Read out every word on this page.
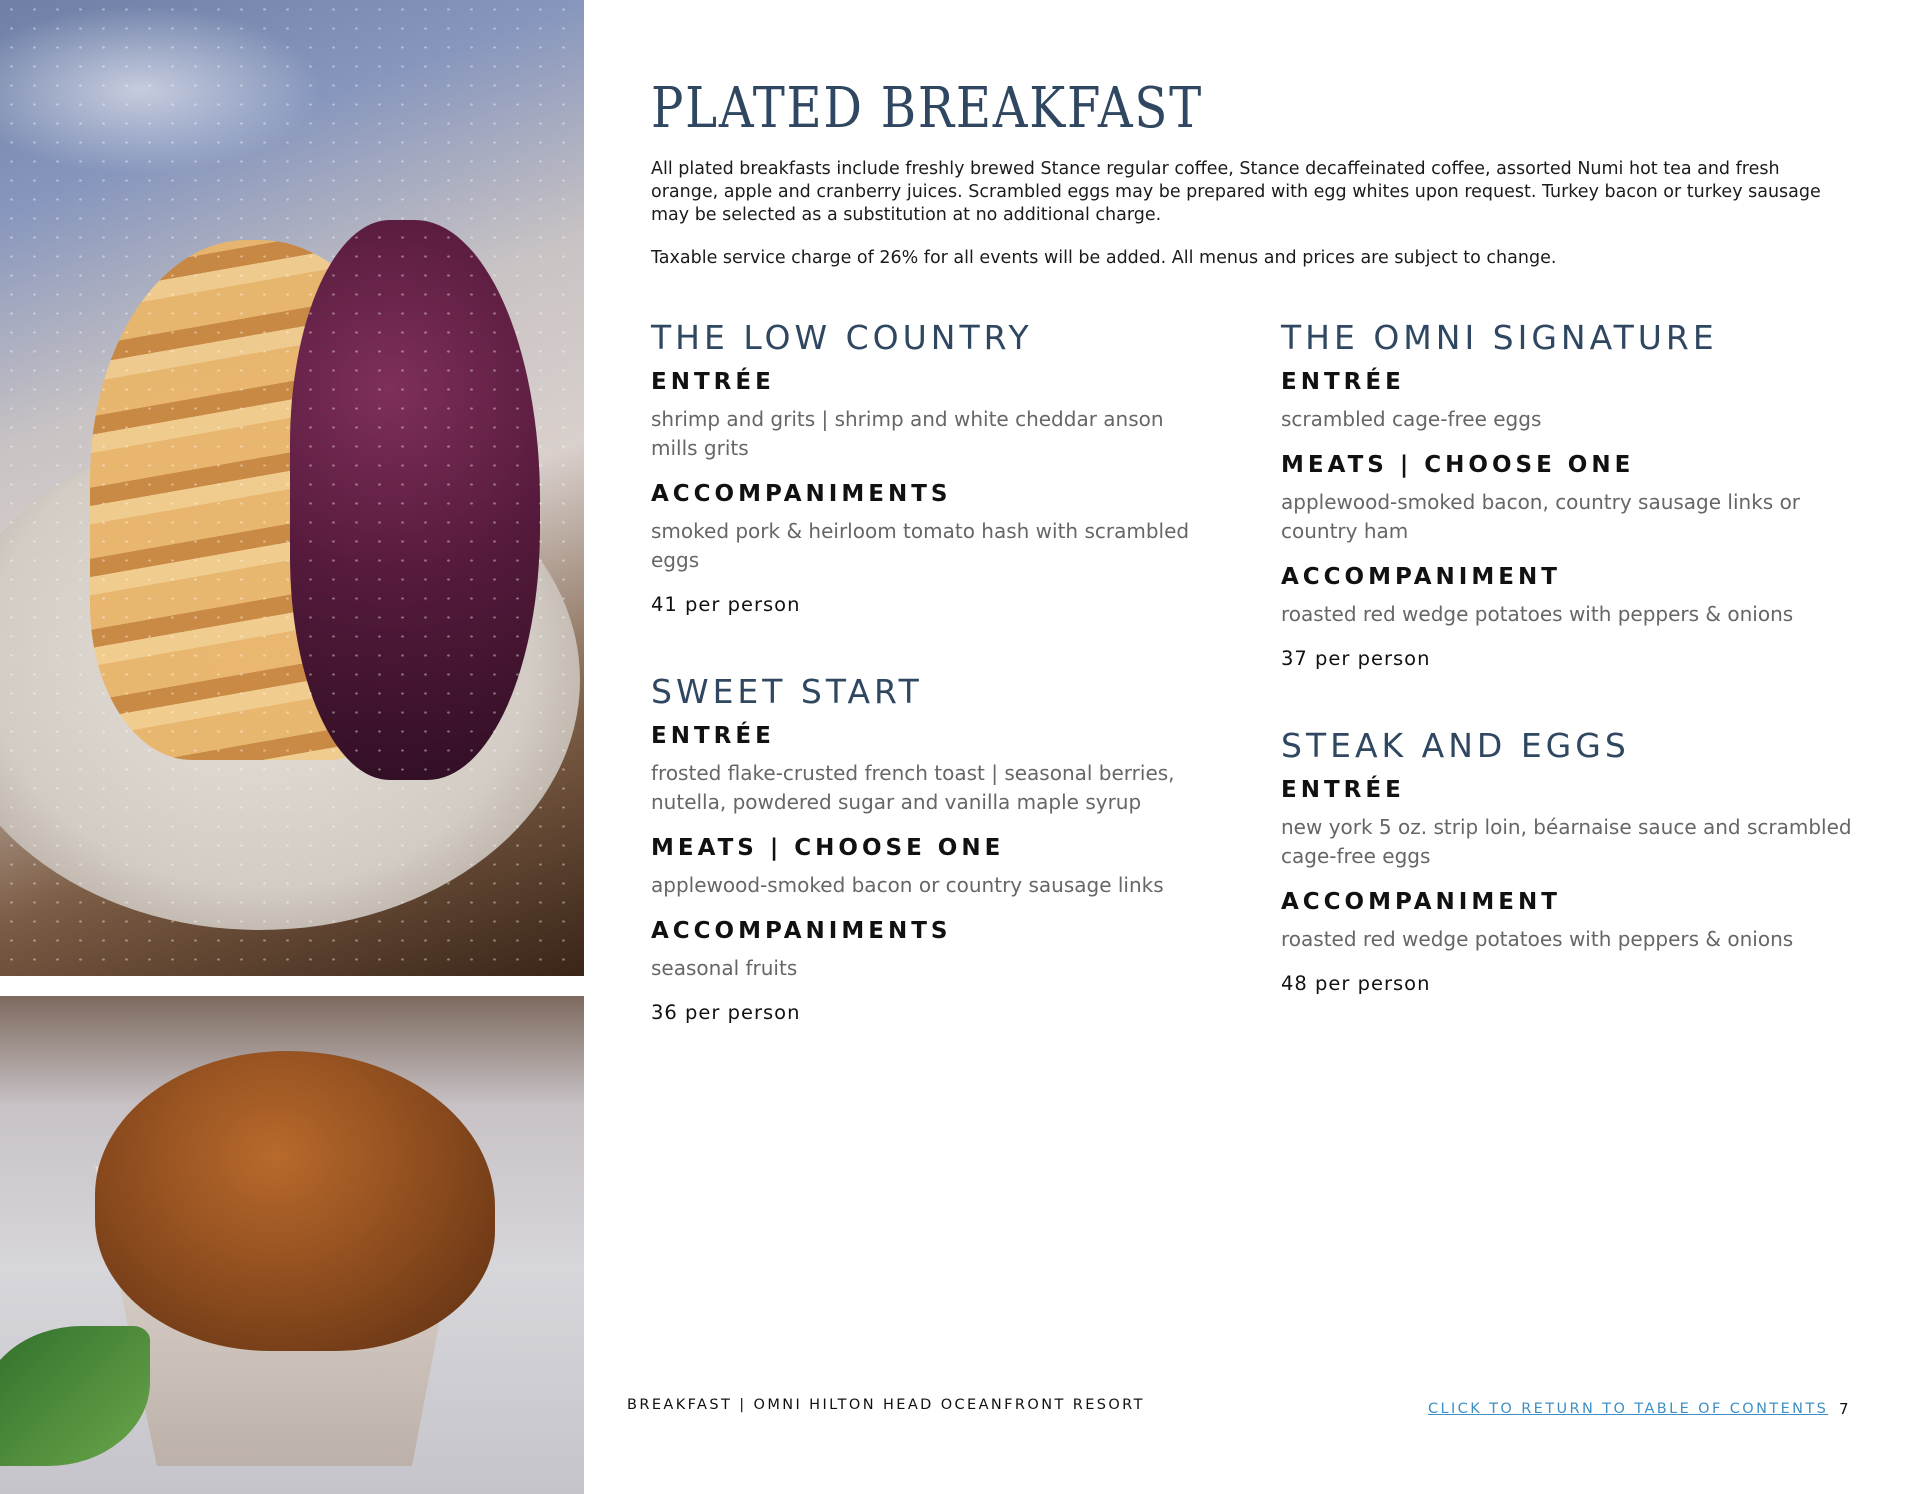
PLATED BREAKFAST

All plated breakfasts include freshly brewed Stance regular coffee, Stance decaffeinated coffee, assorted Numi hot tea and fresh orange, apple and cranberry juices. Scrambled eggs may be prepared with egg whites upon request. Turkey bacon or turkey sausage may be selected as a substitution at no additional charge.

Taxable service charge of 26% for all events will be added. All menus and prices are subject to change.

THE LOW COUNTRY
ENTRÉE

shrimp and grits | shrimp and white cheddar anson mills grits

ACCOMPANIMENTS

smoked pork & heirloom tomato hash with scrambled eggs

41 per person

SWEET START
ENTRÉE

frosted flake-crusted french toast | seasonal berries, nutella, powdered sugar and vanilla maple syrup

MEATS | CHOOSE ONE

applewood-smoked bacon or country sausage links

ACCOMPANIMENTS

seasonal fruits

36 per person

THE OMNI SIGNATURE
ENTRÉE

scrambled cage-free eggs

MEATS | CHOOSE ONE

applewood-smoked bacon, country sausage links or country ham

ACCOMPANIMENT

roasted red wedge potatoes with peppers & onions

37 per person

STEAK AND EGGS
ENTRÉE

new york 5 oz. strip loin, béarnaise sauce and scrambled cage-free eggs

ACCOMPANIMENT

roasted red wedge potatoes with peppers & onions

48 per person

BREAKFAST | OMNI HILTON HEAD OCEANFRONT RESORT	CLICK TO RETURN TO TABLE OF CONTENTS 7
